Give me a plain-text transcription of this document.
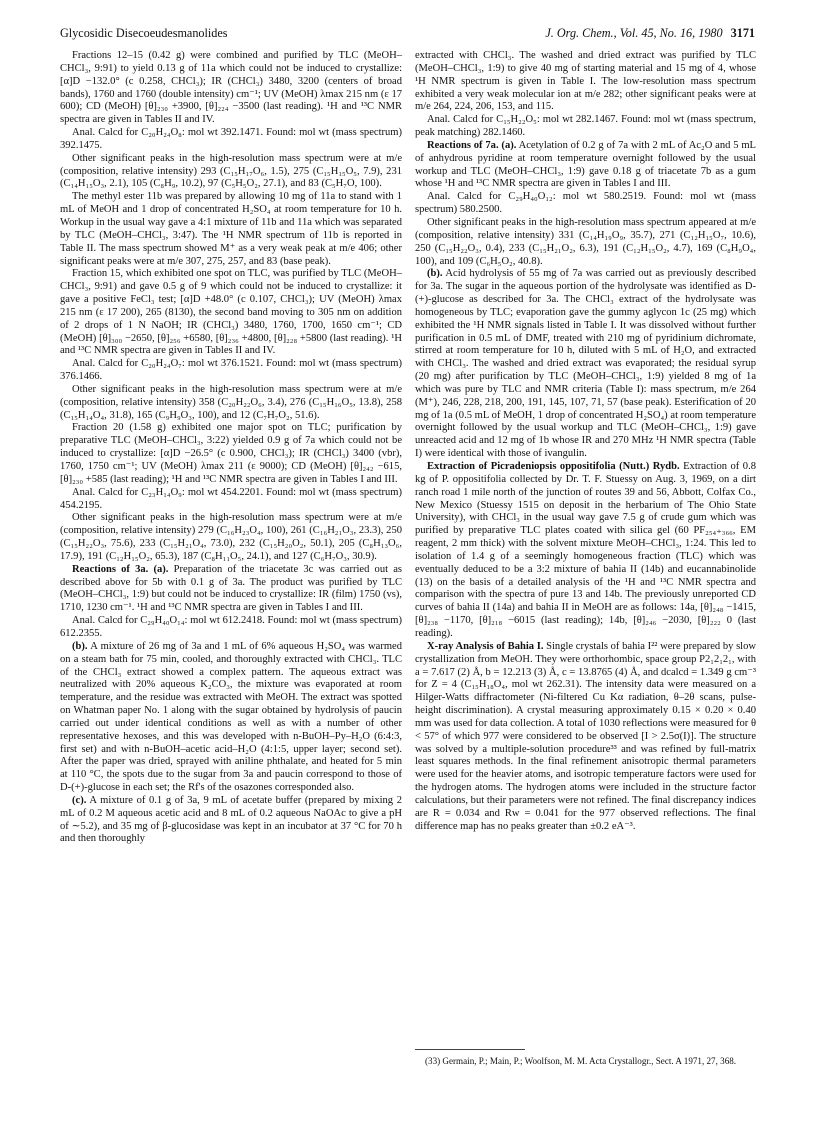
Glycosidic Disecoeudesmanolides	J. Org. Chem., Vol. 45, No. 16, 1980 3171

Fractions 12–15 (0.42 g) were combined and purified by TLC (MeOH–CHCl₃, 9:91) to yield 0.13 g of 11a which could not be induced to crystallize: [α]D −132.0° (c 0.258, CHCl₃); IR (CHCl₃) 3480, 3200 (centers of broad bands), 1760 and 1760 (double intensity) cm⁻¹; UV (MeOH) λmax 215 nm (ε 17 600); CD (MeOH) [θ]₂₃₀ +3900, [θ]₂₂₄ −3500 (last reading). ¹H and ¹³C NMR spectra are given in Tables II and IV.

Anal. Calcd for C₂₀H₂₄O₈: mol wt 392.1471. Found: mol wt (mass spectrum) 392.1475.

Other significant peaks in the high-resolution mass spectrum were at m/e (composition, relative intensity) 293 (C₁₅H₁₇O₆, 1.5), 275 (C₁₅H₁₅O₅, 7.9), 231 (C₁₄H₁₅O₃, 2.1), 105 (C₈H₉, 10.2), 97 (C₅H₅O₂, 27.1), and 83 (C₅H₇O, 100).

The methyl ester 11b was prepared by allowing 10 mg of 11a to stand with 1 mL of MeOH and 1 drop of concentrated H₂SO₄ at room temperature for 10 h. Workup in the usual way gave a 4:1 mixture of 11b and 11a which was separated by TLC (MeOH–CHCl₃, 3:47). The ¹H NMR spectrum of 11b is reported in Table II. The mass spectrum showed M⁺ as a very weak peak at m/e 406; other significant peaks were at m/e 307, 275, 257, and 83 (base peak).

Fraction 15, which exhibited one spot on TLC, was purified by TLC (MeOH–CHCl₃, 9:91) and gave 0.5 g of 9 which could not be induced to crystallize: it gave a positive FeCl₃ test; [α]D +48.0° (c 0.107, CHCl₃); UV (MeOH) λmax 215 nm (ε 17 200), 265 (8130), the second band moving to 305 nm on addition of 2 drops of 1 N NaOH; IR (CHCl₃) 3480, 1760, 1700, 1650 cm⁻¹; CD (MeOH) [θ]₃₀₀ −2650, [θ]₂₅₆ +6580, [θ]₂₃₆ +4800, [θ]₂₂₈ +5800 (last reading). ¹H and ¹³C NMR spectra are given in Tables II and IV.

Anal. Calcd for C₂₀H₂₄O₇: mol wt 376.1521. Found: mol wt (mass spectrum) 376.1466.

Other significant peaks in the high-resolution mass spectrum were at m/e (composition, relative intensity) 358 (C₂₀H₂₂O₆, 3.4), 276 (C₁₅H₁₆O₅, 13.8), 258 (C₁₅H₁₄O₄, 31.8), 165 (C₉H₉O₃, 100), and 12 (C₇H₇O₂, 51.6).

Fraction 20 (1.58 g) exhibited one major spot on TLC; purification by preparative TLC (MeOH–CHCl₃, 3:22) yielded 0.9 g of 7a which could not be induced to crystallize: [α]D −26.5° (c 0.900, CHCl₃); IR (CHCl₃) 3400 (vbr), 1760, 1750 cm⁻¹; UV (MeOH) λmax 211 (ε 9000); CD (MeOH) [θ]₂₄₂ −615, [θ]₂₃₀ +585 (last reading); ¹H and ¹³C NMR spectra are given in Tables I and III.

Anal. Calcd for C₂₃H₁₄O₉: mol wt 454.2201. Found: mol wt (mass spectrum) 454.2195.

Other significant peaks in the high-resolution mass spectrum were at m/e (composition, relative intensity) 279 (C₁₆H₂₃O₄, 100), 261 (C₁₆H₂₁O₃, 23.3), 250 (C₁₅H₂₂O₃, 75.6), 233 (C₁₅H₂₁O₄, 73.0), 232 (C₁₅H₂₀O₂, 50.1), 205 (C₈H₁₃O₆, 17.9), 191 (C₁₂H₁₅O₂, 65.3), 187 (C₈H₁₁O₅, 24.1), and 127 (C₆H₇O₃, 30.9).

Reactions of 3a. (a). Preparation of the triacetate 3c was carried out as described above for 5b with 0.1 g of 3a. The product was purified by TLC (MeOH–CHCl₃, 1:9) but could not be induced to crystallize: IR (film) 1750 (vs), 1710, 1230 cm⁻¹. ¹H and ¹³C NMR spectra are given in Tables I and III.

Anal. Calcd for C₂₉H₄₀O₁₄: mol wt 612.2418. Found: mol wt (mass spectrum) 612.2355.

(b). A mixture of 26 mg of 3a and 1 mL of 6% aqueous H₂SO₄ was warmed on a steam bath for 75 min, cooled, and thoroughly extracted with CHCl₃. TLC of the CHCl₃ extract showed a complex pattern. The aqueous extract was neutralized with 20% aqueous K₂CO₃, the mixture was evaporated at room temperature, and the residue was extracted with MeOH. The extract was spotted on Whatman paper No. 1 along with the sugar obtained by hydrolysis of paucin carried out under identical conditions as well as with a number of other representative hexoses, and this was developed with n-BuOH–Py–H₂O (6:4:3, first set) and with n-BuOH–acetic acid–H₂O (4:1:5, upper layer; second set). After the paper was dried, sprayed with aniline phthalate, and heated for 5 min at 110 °C, the spots due to the sugar from 3a and paucin correspond to those of D-(+)-glucose in each set; the Rf's of the osazones corresponded also.

(c). A mixture of 0.1 g of 3a, 9 mL of acetate buffer (prepared by mixing 2 mL of 0.2 M aqueous acetic acid and 8 mL of 0.2 aqueous NaOAc to give a pH of ∼5.2), and 35 mg of β-glucosidase was kept in an incubator at 37 °C for 70 h and then thoroughly

extracted with CHCl₃. The washed and dried extract was purified by TLC (MeOH–CHCl₃, 1:9) to give 40 mg of starting material and 15 mg of 4, whose ¹H NMR spectrum is given in Table I. The low-resolution mass spectrum exhibited a very weak molecular ion at m/e 282; other significant peaks were at m/e 264, 224, 206, 153, and 115.

Anal. Calcd for C₁₅H₂₂O₅: mol wt 282.1467. Found: mol wt (mass spectrum, peak matching) 282.1460.

Reactions of 7a. (a). Acetylation of 0.2 g of 7a with 2 mL of Ac₂O and 5 mL of anhydrous pyridine at room temperature overnight followed by the usual workup and TLC (MeOH–CHCl₃, 1:9) gave 0.18 g of triacetate 7b as a gum whose ¹H and ¹³C NMR spectra are given in Tables I and III.

Anal. Calcd for C₂₉H₄₀O₁₂: mol wt 580.2519. Found: mol wt (mass spectrum) 580.2500.

Other significant peaks in the high-resolution mass spectrum appeared at m/e (composition, relative intensity) 331 (C₁₄H₁₉O₉, 35.7), 271 (C₁₂H₁₅O₇, 10.6), 250 (C₁₅H₂₂O₃, 0.4), 233 (C₁₅H₂₁O₂, 6.3), 191 (C₁₂H₁₅O₂, 4.7), 169 (C₈H₉O₄, 100), and 109 (C₆H₅O₂, 40.8).

(b). Acid hydrolysis of 55 mg of 7a was carried out as previously described for 3a. The sugar in the aqueous portion of the hydrolysate was identified as D-(+)-glucose as described for 3a. The CHCl₃ extract of the hydrolysate was homogeneous by TLC; evaporation gave the gummy aglycon 1c (25 mg) which exhibited the ¹H NMR signals listed in Table I. It was dissolved without further purification in 0.5 mL of DMF, treated with 210 mg of pyridinium dichromate, stirred at room temperature for 10 h, diluted with 5 mL of H₂O, and extracted with CHCl₃. The washed and dried extract was evaporated; the residual syrup (20 mg) after purification by TLC (MeOH–CHCl₃, 1:9) yielded 8 mg of 1a which was pure by TLC and NMR criteria (Table I): mass spectrum, m/e 264 (M⁺), 246, 228, 218, 200, 191, 145, 107, 71, 57 (base peak). Esterification of 20 mg of 1a (0.5 mL of MeOH, 1 drop of concentrated H₂SO₄) at room temperature overnight followed by the usual workup and TLC (MeOH–CHCl₃, 1:9) gave unreacted acid and 12 mg of 1b whose IR and 270 MHz ¹H NMR spectra (Table I) were identical with those of ivangulin.

Extraction of Picradeniopsis oppositifolia (Nutt.) Rydb. Extraction of 0.8 kg of P. oppositifolia collected by Dr. T. F. Stuessy on Aug. 3, 1969, on a dirt ranch road 1 mile north of the junction of routes 39 and 56, Abbott, Colfax Co., New Mexico (Stuessy 1515 on deposit in the herbarium of The Ohio State University), with CHCl₃ in the usual way gave 7.5 g of crude gum which was purified by preparative TLC plates coated with silica gel (60 PF₂₅₄₊₃₆₆, EM reagent, 2 mm thick) with the solvent mixture MeOH–CHCl₃, 1:24. This led to isolation of 1.4 g of a seemingly homogeneous fraction (TLC) which was eventually deduced to be a 3:2 mixture of bahia II (14b) and eucannabinolide (13) on the basis of a detailed analysis of the ¹H and ¹³C NMR spectra and comparison with the spectra of pure 13 and 14b. The previously unreported CD curves of bahia II (14a) and bahia II in MeOH are as follows: 14a, [θ]₂₄₈ −1415, [θ]₂₃₈ −1170, [θ]₂₁₈ −6015 (last reading); 14b, [θ]₂₄₆ −2030, [θ]₂₂₂ 0 (last reading).

X-ray Analysis of Bahia I. Single crystals of bahia I²² were prepared by slow crystallization from MeOH. They were orthorhombic, space group P2₁2₁2₁, with a = 7.617 (2) Å, b = 12.213 (3) Å, c = 13.8765 (4) Å, and dcalcd = 1.349 g cm⁻³ for Z = 4 (C₁₅H₁₈O₄, mol wt 262.31). The intensity data were measured on a Hilger-Watts diffractometer (Ni-filtered Cu Kα radiation, θ–2θ scans, pulse-height discrimination). A crystal measuring approximately 0.15 × 0.20 × 0.40 mm was used for data collection. A total of 1030 reflections were measured for θ < 57° of which 977 were considered to be observed [I > 2.5σ(I)]. The structure was solved by a multiple-solution procedure³³ and was refined by full-matrix least squares methods. In the final refinement anisotropic thermal parameters were used for the heavier atoms, and isotropic temperature factors were used for the hydrogen atoms. The hydrogen atoms were included in the structure factor calculations, but their parameters were not refined. The final discrepancy indices are R = 0.034 and Rw = 0.041 for the 977 observed reflections. The final difference map has no peaks greater than ±0.2 eA⁻³.

(33) Germain, P.; Main, P.; Woolfson, M. M. Acta Crystallogr., Sect. A 1971, 27, 368.
